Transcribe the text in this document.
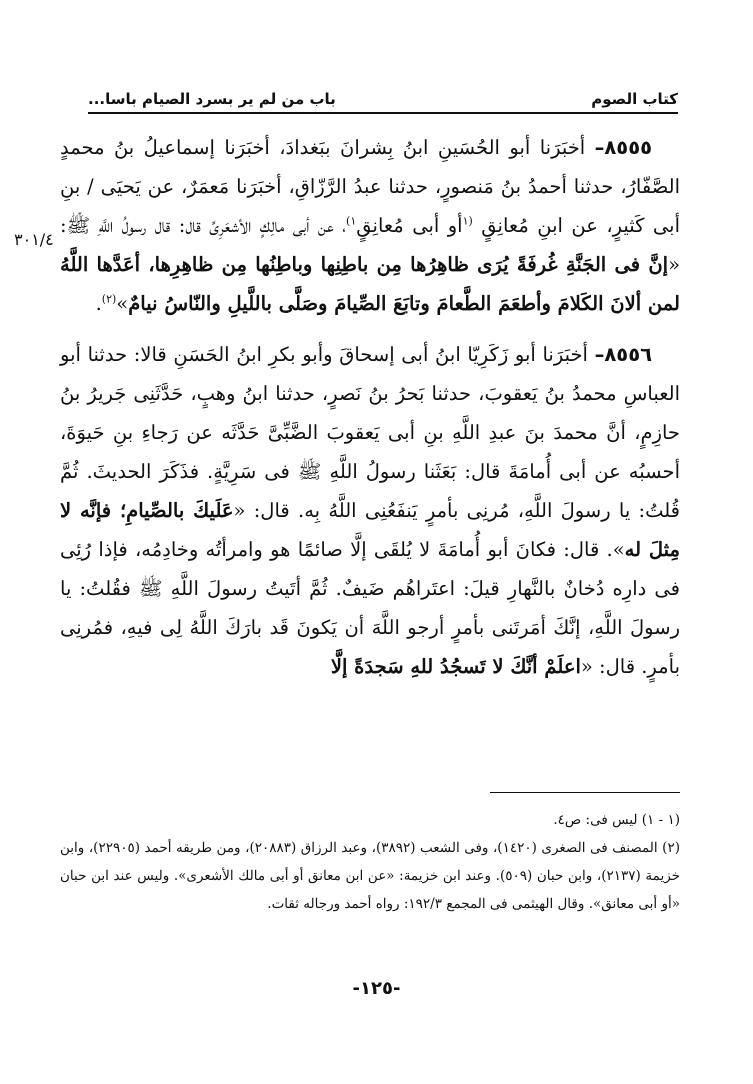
كتاب الصوم
باب من لم ير بسرد الصيام باسا...
٣٠١/٤

٨٥٥٥– أخبَرَنا أبو الحُسَينِ ابنُ بِشرانَ ببَغدادَ، أخبَرَنا إسماعيلُ بنُ محمدٍ الصَّفّارُ، حدثنا أحمدُ بنُ مَنصورٍ، حدثنا عبدُ الرَّزّاقِ، أخبَرَنا مَعمَرٌ، عن يَحيَى / بنِ أبى كَثيرٍ، عن ابنِ مُعانِقٍ $^{(١}$أو أبى مُعانِقٍ$^{١)}$، عن أبى مالِكٍ الأشعَرِىِّ قال: قال رسولُ اللَّهِ ﷺ: «إنَّ فى الجَنَّةِ غُرفَةً يُرَى ظاهِرُها مِن باطِنِها وباطِنُها مِن ظاهِرِها، أعَدَّها اللَّهُ لمن ألانَ الكَلامَ وأطعَمَ الطَّعامَ وتابَعَ الصِّيامَ وصَلَّى باللَّيلِ والنّاسُ نيامٌ»$^{(٢)}$.

٨٥٥٦– أخبَرَنا أبو زَكَرِيّا ابنُ أبى إسحاقَ وأبو بكرِ ابنُ الحَسَنِ قالا: حدثنا أبو العباسِ محمدُ بنُ يَعقوبَ، حدثنا بَحرُ بنُ نَصرٍ، حدثنا ابنُ وهبٍ، حَدَّثَنِى جَريرُ بنُ حازِمٍ، أنَّ محمدَ بنَ عبدِ اللَّهِ بنِ أبى يَعقوبَ الضَّبِّىَّ حَدَّثَه عن رَجاءِ بنِ حَيوَةَ، أحسبُه عن أبى أُمامَةَ قال: بَعَثَنا رسولُ اللَّهِ ﷺ فى سَرِيَّةٍ. فذَكَرَ الحديثَ. ثُمَّ قُلتُ: يا رسولَ اللَّهِ، مُرنِى بأمرٍ يَنفَعُنِى اللَّهُ بِه. قال: «عَلَيكَ بالصِّيامِ؛ فإنَّه لا مِثلَ له». قال: فكانَ أبو أُمامَةَ لا يُلقَى إلَّا صائمًا هو وامرأتُه وخادِمُه، فإذا رُئِى فى دارِه دُخانٌ بالنَّهارِ قيلَ: اعتَراهُم ضَيفٌ. ثُمَّ أتَيتُ رسولَ اللَّهِ ﷺ فقُلتُ: يا رسولَ اللَّهِ، إنَّكَ أمَرتَنى بأمرٍ أرجو اللَّهَ أن يَكونَ قَد بارَكَ اللَّهُ لِى فيهِ، فمُرنِى بأمرٍ. قال: «اعلَمْ أنَّكَ لا تَسجُدُ للهِ سَجدَةً إلَّا

(١ - ١) ليس فى: ص٤.

(٢) المصنف فى الصغرى (١٤٢٠)، وفى الشعب (٣٨٩٢)، وعبد الرزاق (٢٠٨٨٣)، ومن طريقه أحمد (٢٢٩٠٥)، وابن خزيمة (٢١٣٧)، وابن حبان (٥٠٩). وعند ابن خزيمة: «عن ابن معانق أو أبى مالك الأشعرى». وليس عند ابن حبان «أو أبى معانق». وقال الهيثمى فى المجمع ١٩٢/٣: رواه أحمد ورجاله ثقات.

-١٢٥-
